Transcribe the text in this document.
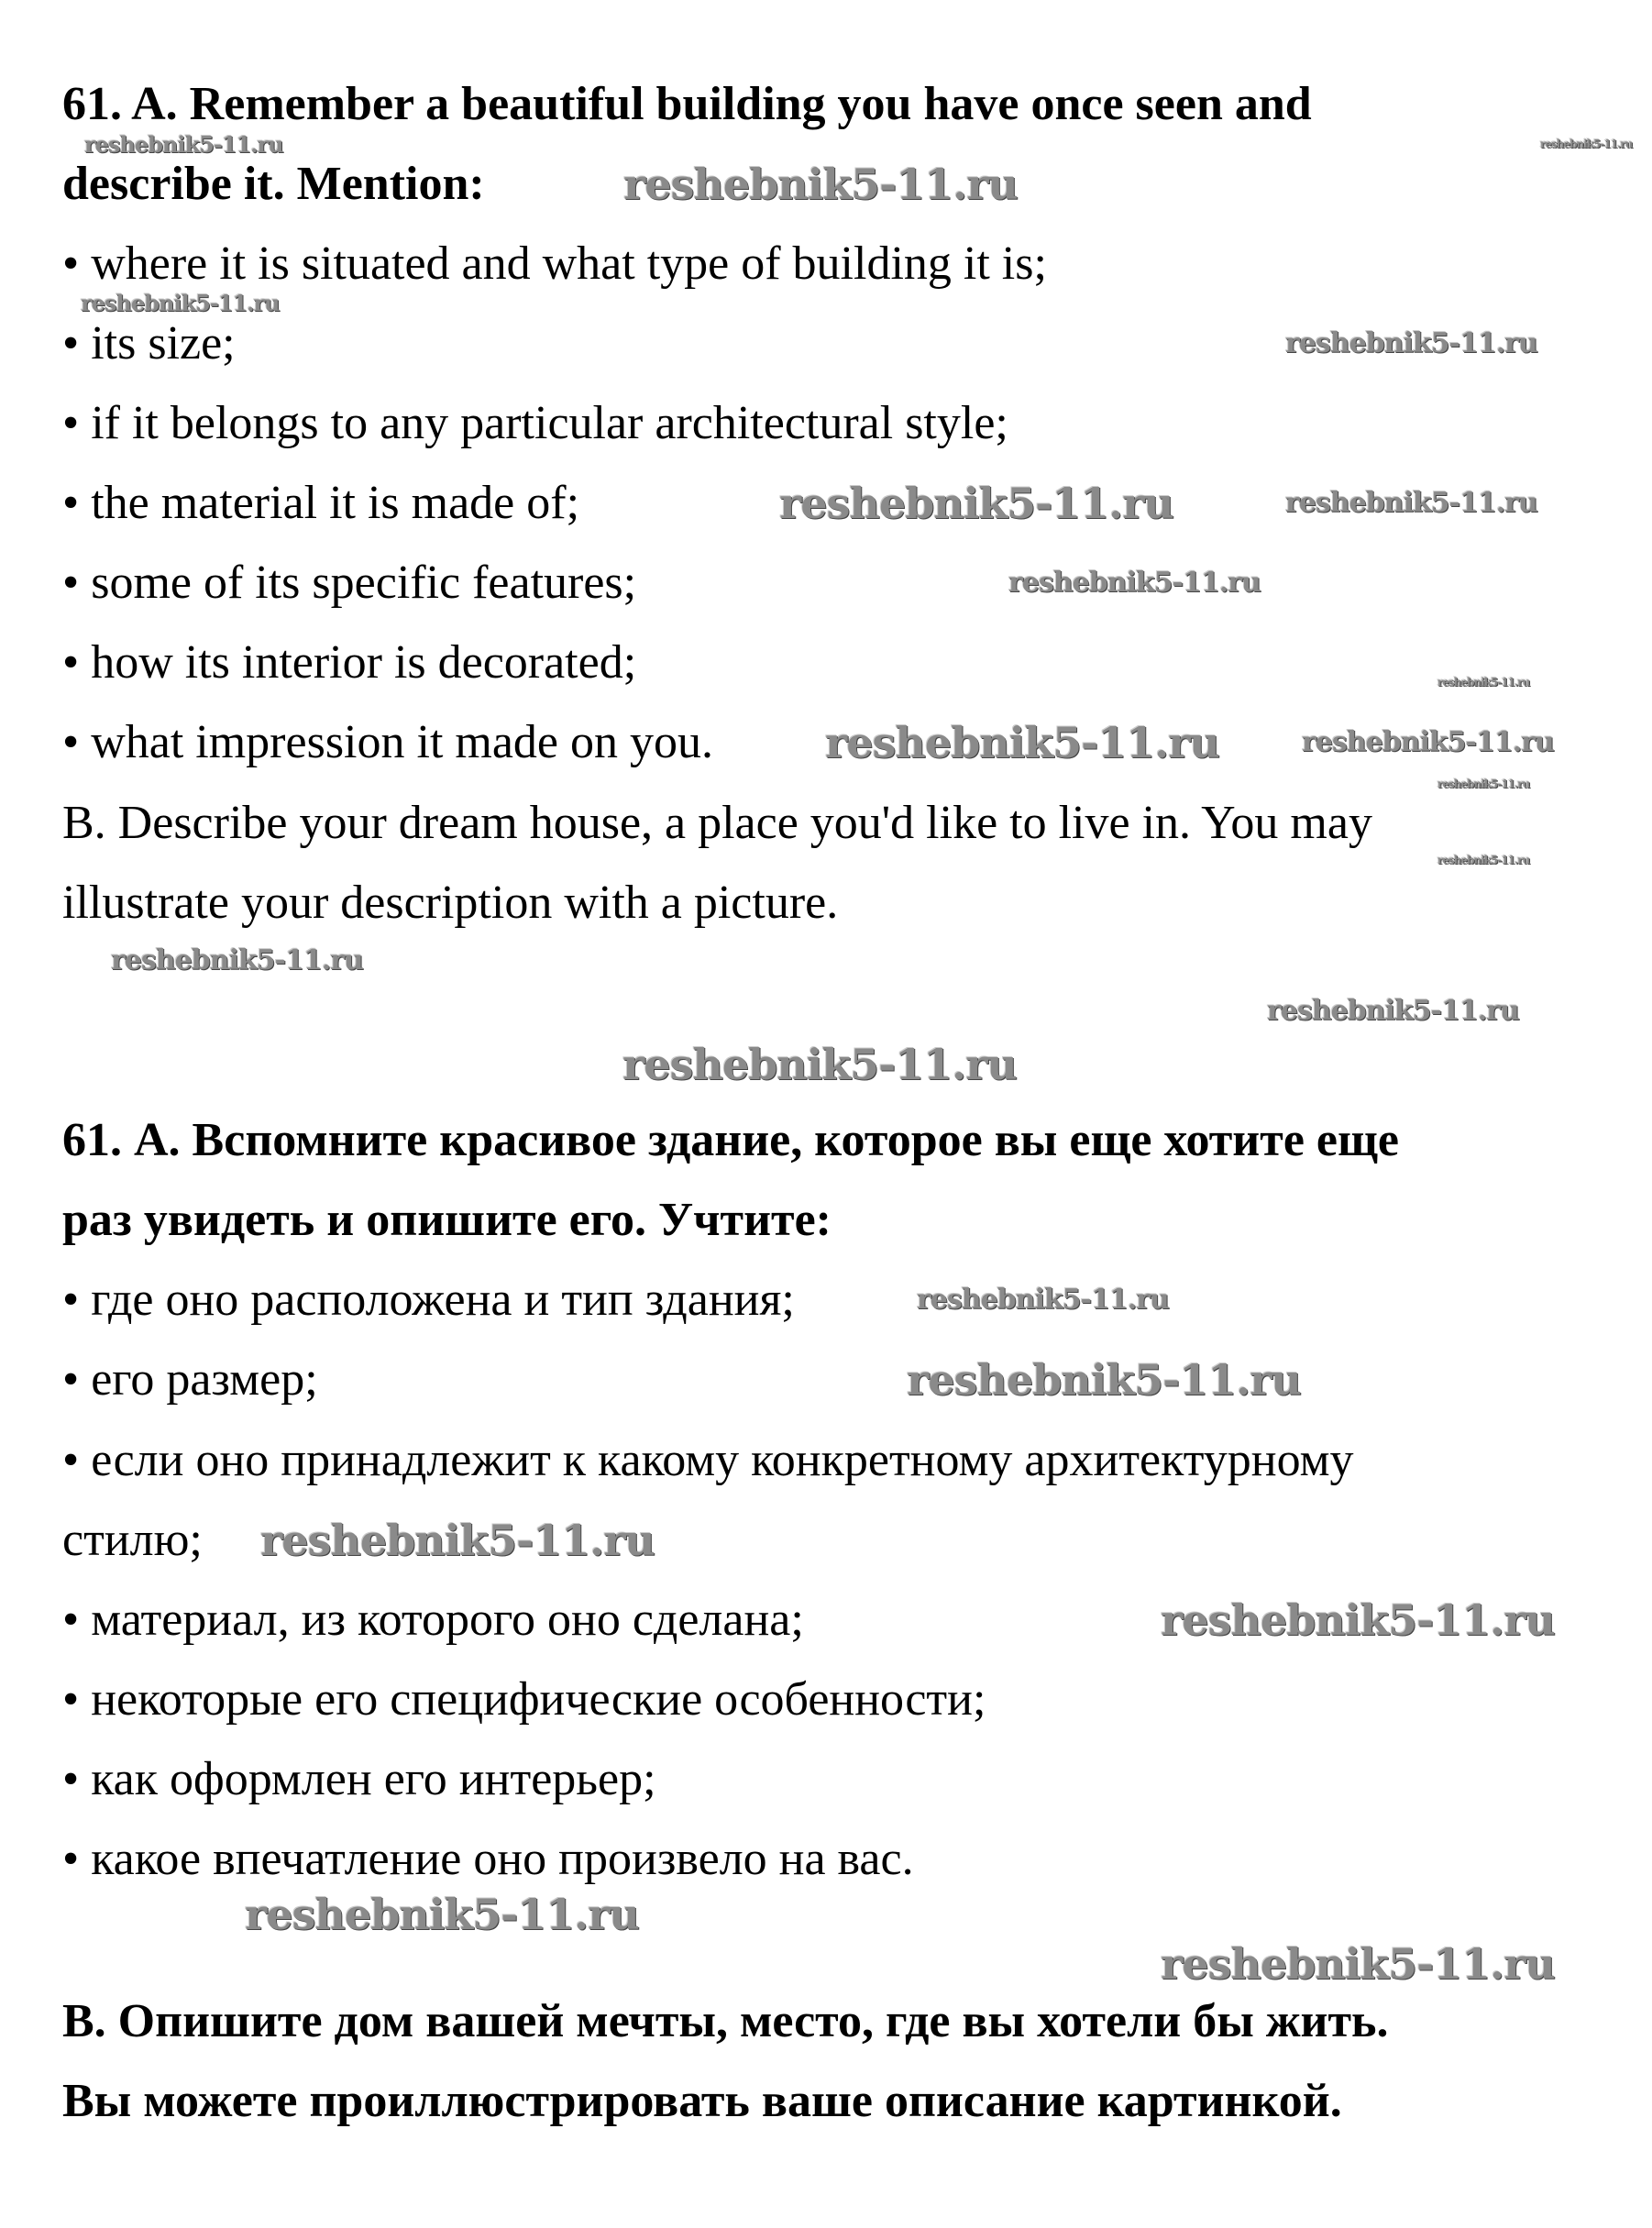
61. A. Remember a beautiful building you have once seen and
describe it. Mention:
• where it is situated and what type of building it is;
• its size;
• if it belongs to any particular architectural style;
• the material it is made of;
• some of its specific features;
• how its interior is decorated;
• what impression it made on you.
B. Describe your dream house, a place you'd like to live in. You may
illustrate your description with a picture.
61. А. Вспомните красивое здание, которое вы еще хотите еще
раз увидеть и опишите его. Учтите:
• где оно расположена и тип здания;
• его размер;
• если оно принадлежит к какому конкретному архитектурному
стилю;
• материал, из которого оно сделана;
• некоторые его специфические особенности;
• как оформлен его интерьер;
• какое впечатление оно произвело на вас.
В. Опишите дом вашей мечты, место, где вы хотели бы жить.
Вы можете проиллюстрировать ваше описание картинкой.
reshebnik5-11.ru
reshebnik5-11.ru
reshebnik5-11.ru
reshebnik5-11.ru
reshebnik5-11.ru
reshebnik5-11.ru	reshebnik5-11.ru
reshebnik5-11.ru
reshebnik5-11.ru
reshebnik5-11.ru
reshebnik5-11.ru
reshebnik5-11.ru
reshebnik5-11.ru
reshebnik5-11.ru
reshebnik5-11.ru
reshebnik5-11.ru
reshebnik5-11.ru
reshebnik5-11.ru
reshebnik5-11.ru
reshebnik5-11.ru
reshebnik5-11.ru
reshebnik5-11.ru
